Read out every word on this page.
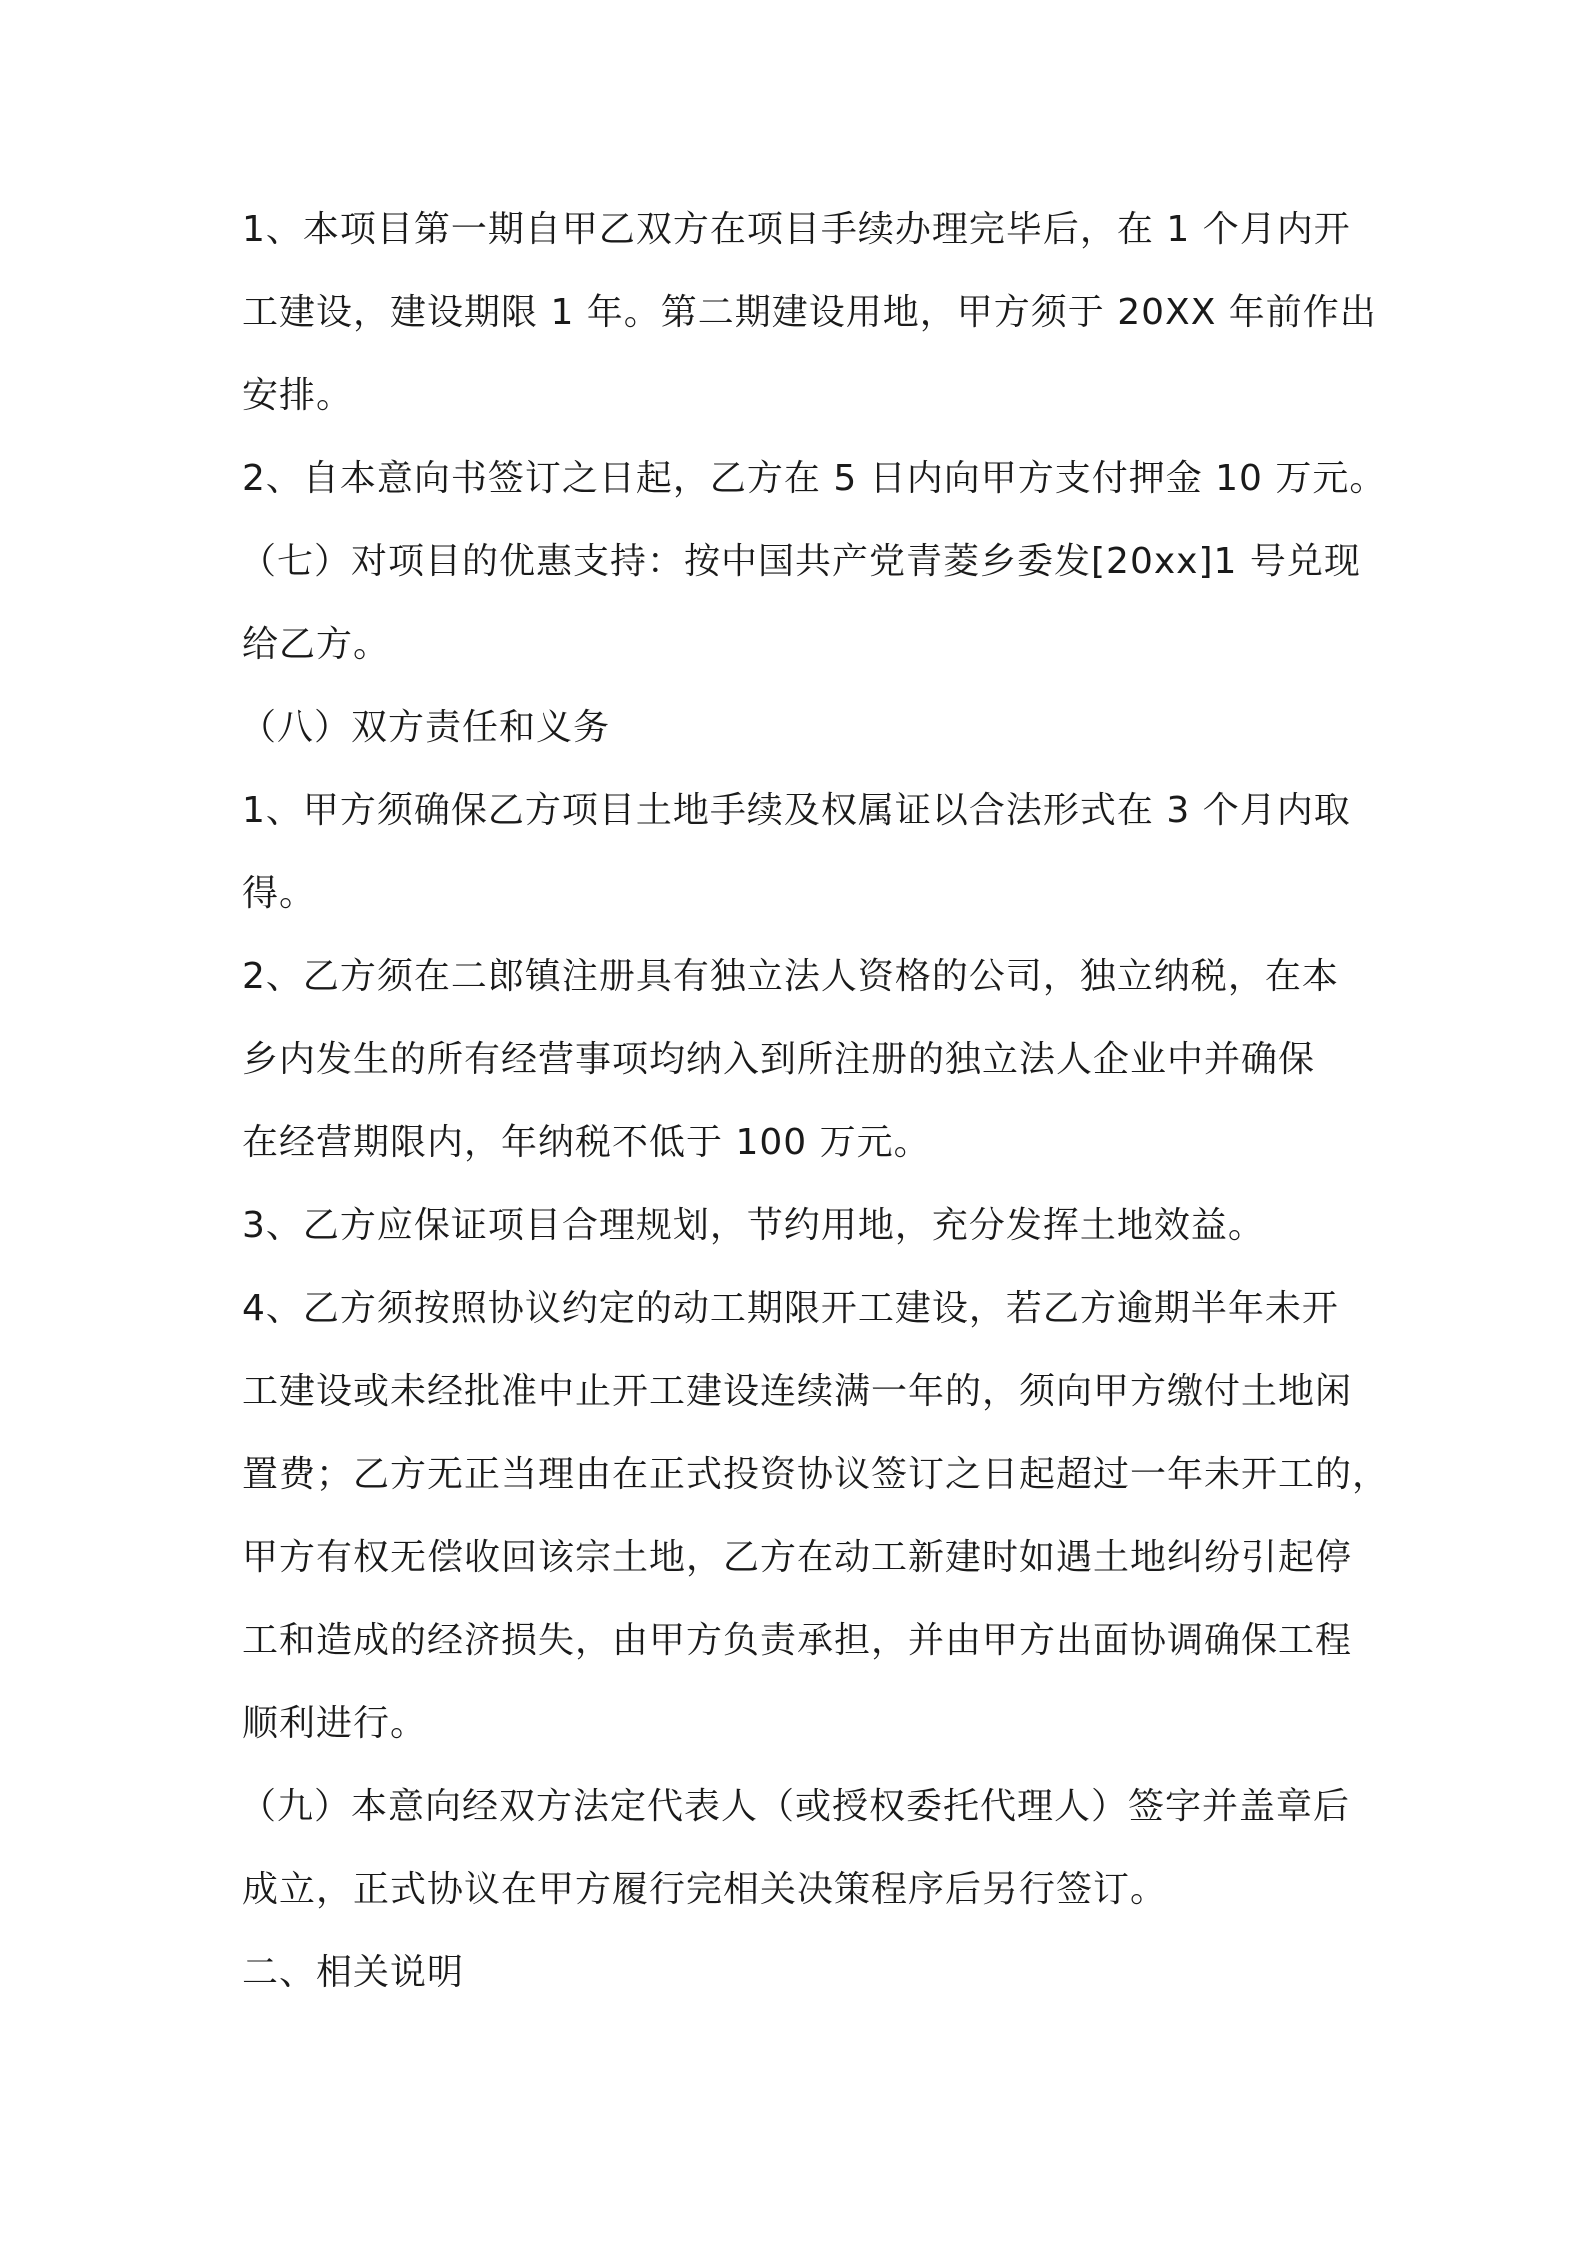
1、本项目第一期自甲乙双方在项目手续办理完毕后，在 1 个月内开
工建设，建设期限 1 年。第二期建设用地，甲方须于 20XX 年前作出
安排。
2、自本意向书签订之日起，乙方在 5 日内向甲方支付押金 10 万元。
（七）对项目的优惠支持：按中国共产党青菱乡委发[20xx]1 号兑现
给乙方。
（八）双方责任和义务
1、甲方须确保乙方项目土地手续及权属证以合法形式在 3 个月内取
得。
2、乙方须在二郎镇注册具有独立法人资格的公司，独立纳税，在本
乡内发生的所有经营事项均纳入到所注册的独立法人企业中并确保
在经营期限内，年纳税不低于 100 万元。
3、乙方应保证项目合理规划，节约用地，充分发挥土地效益。
4、乙方须按照协议约定的动工期限开工建设，若乙方逾期半年未开
工建设或未经批准中止开工建设连续满一年的，须向甲方缴付土地闲
置费；乙方无正当理由在正式投资协议签订之日起超过一年未开工的，
甲方有权无偿收回该宗土地，乙方在动工新建时如遇土地纠纷引起停
工和造成的经济损失，由甲方负责承担，并由甲方出面协调确保工程
顺利进行。
（九）本意向经双方法定代表人（或授权委托代理人）签字并盖章后
成立，正式协议在甲方履行完相关决策程序后另行签订。
二、相关说明
